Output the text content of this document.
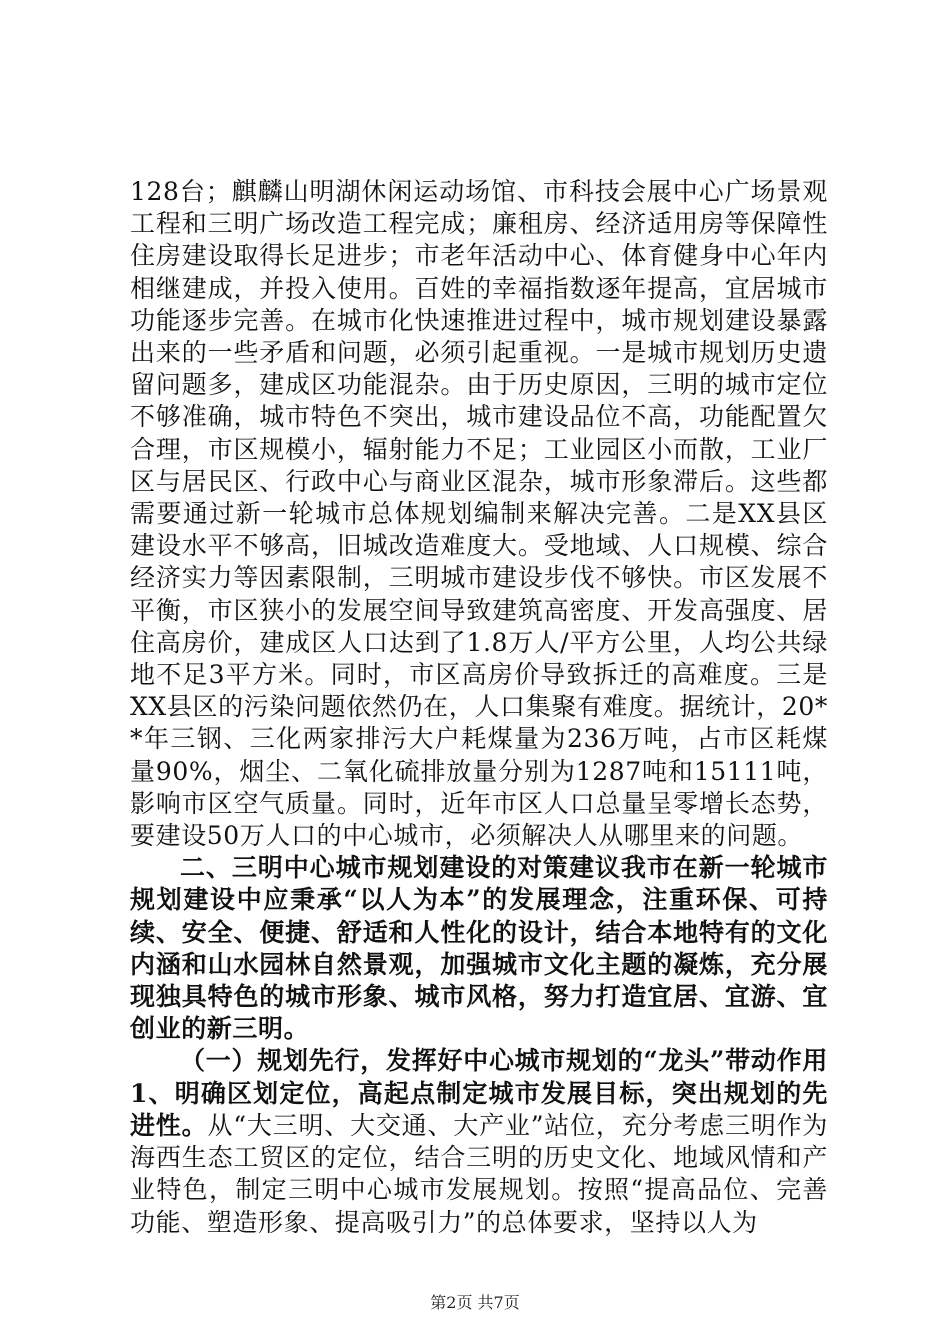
128台；麒麟山明湖休闲运动场馆、市科技会展中心广场景观工程和三明广场改造工程完成；廉租房、经济适用房等保障性住房建设取得长足进步；市老年活动中心、体育健身中心年内相继建成，并投入使用。百姓的幸福指数逐年提高，宜居城市功能逐步完善。在城市化快速推进过程中，城市规划建设暴露出来的一些矛盾和问题，必须引起重视。一是城市规划历史遗留问题多，建成区功能混杂。由于历史原因，三明的城市定位不够准确，城市特色不突出，城市建设品位不高，功能配置欠合理，市区规模小，辐射能力不足；工业园区小而散，工业厂区与居民区、行政中心与商业区混杂，城市形象滞后。这些都需要通过新一轮城市总体规划编制来解决完善。二是XX县区建设水平不够高，旧城改造难度大。受地域、人口规模、综合经济实力等因素限制，三明城市建设步伐不够快。市区发展不平衡，市区狭小的发展空间导致建筑高密度、开发高强度、居住高房价，建成区人口达到了1.8万人/平方公里，人均公共绿地不足3平方米。同时，市区高房价导致拆迁的高难度。三是XX县区的污染问题依然仍在，人口集聚有难度。据统计，20**年三钢、三化两家排污大户耗煤量为236万吨，占市区耗煤量90%，烟尘、二氧化硫排放量分别为1287吨和15111吨，影响市区空气质量。同时，近年市区人口总量呈零增长态势，要建设50万人口的中心城市，必须解决人从哪里来的问题。

二、三明中心城市规划建设的对策建议我市在新一轮城市规划建设中应秉承“以人为本”的发展理念，注重环保、可持续、安全、便捷、舒适和人性化的设计，结合本地特有的文化内涵和山水园林自然景观，加强城市文化主题的凝炼，充分展现独具特色的城市形象、城市风格，努力打造宜居、宜游、宜创业的新三明。

（一）规划先行，发挥好中心城市规划的“龙头”带动作用1、明确区划定位，高起点制定城市发展目标，突出规划的先进性。从“大三明、大交通、大产业”站位，充分考虑三明作为海西生态工贸区的定位，结合三明的历史文化、地域风情和产业特色，制定三明中心城市发展规划。按照“提高品位、完善功能、塑造形象、提高吸引力”的总体要求，坚持以人为

第2页 共7页
